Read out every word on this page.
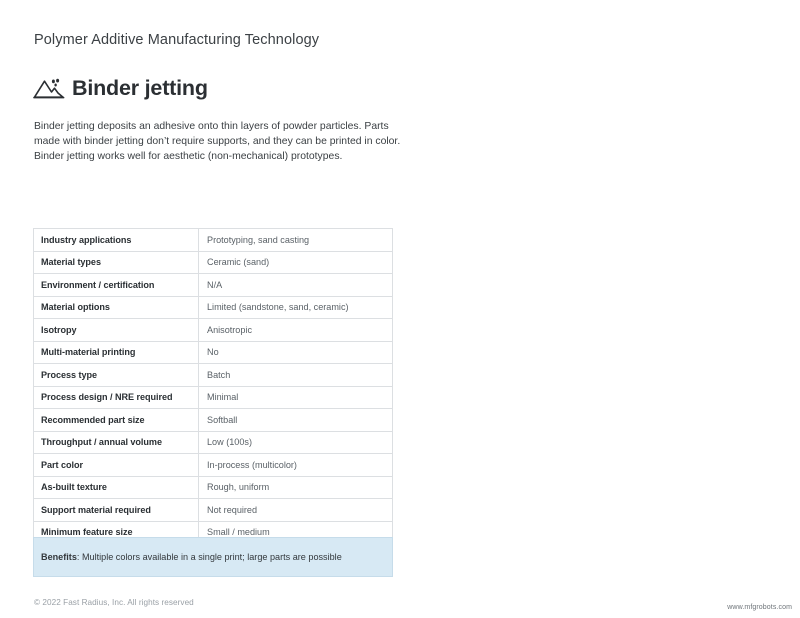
Polymer Additive Manufacturing Technology
Binder jetting

Binder jetting deposits an adhesive onto thin layers of powder particles. Parts made with binder jetting don’t require supports, and they can be printed in color. Binder jetting works well for aesthetic (non-mechanical) prototypes.

Industry applications	Prototyping, sand casting
Material types	Ceramic (sand)
Environment / certification	N/A
Material options	Limited (sandstone, sand, ceramic)
Isotropy	Anisotropic
Multi-material printing	No
Process type	Batch
Process design / NRE required	Minimal
Recommended part size	Softball
Throughput / annual volume	Low (100s)
Part color	In-process (multicolor)
As-built texture	Rough, uniform
Support material required	Not required
Minimum feature size	Small / medium
Benefits: Multiple colors available in a single print; large parts are possible
© 2022 Fast Radius, Inc. All rights reserved
www.mfgrobots.com
